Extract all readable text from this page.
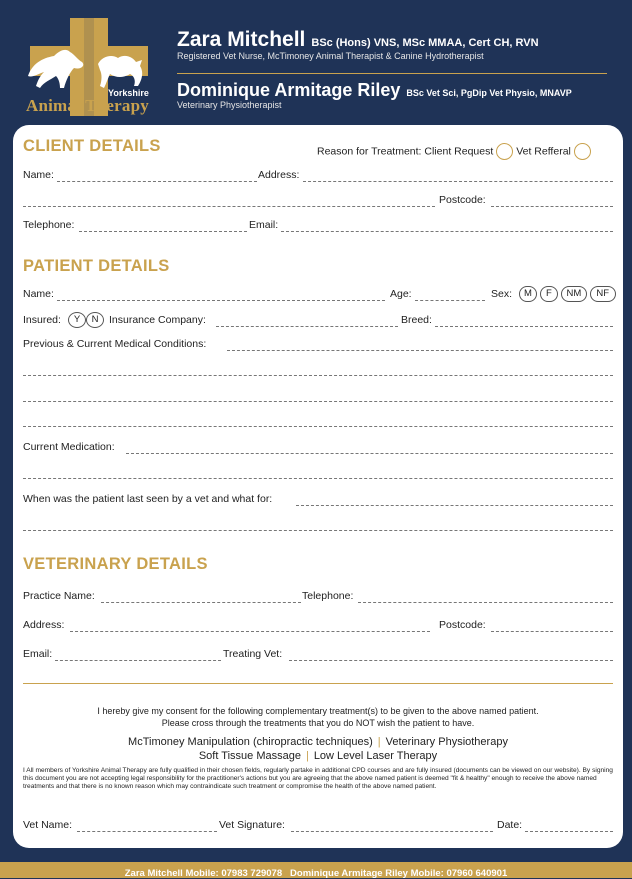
Yorkshire
Animal Therapy
Zara Mitchell BSc (Hons) VNS, MSc MMAA, Cert CH, RVN
Registered Vet Nurse, McTimoney Animal Therapist & Canine Hydrotherapist
Dominique Armitage Riley BSc Vet Sci, PgDip Vet Physio, MNAVP
Veterinary Physiotherapist
CLIENT DETAILS	Reason for Treatment: Client Request Vet Refferal
Name:	Address:
Postcode:
Telephone:	Email:
PATIENT DETAILS
Name:	Age:	Sex:	M F NM NF
Insured:	Y N	Insurance Company:	Breed:
Previous & Current Medical Conditions:
Current Medication:
When was the patient last seen by a vet and what for:
VETERINARY DETAILS
Practice Name:	Telephone:
Address:	Postcode:
Email:	Treating Vet:
I hereby give my consent for the following complementary treatment(s) to be given to the above named patient.
Please cross through the treatments that you do NOT wish the patient to have.
McTimoney Manipulation (chiropractic techniques) | Veterinary Physiotherapy
Soft Tissue Massage | Low Level Laser Therapy
I All members of Yorkshire Animal Therapy are fully qualified in their chosen fields, regularly partake in additional CPD courses and are fully insured (documents can be viewed on our website). By signing this document you are not accepting legal responsibility for the practitioner's actions but you are agreeing that the above named patient is deemed "fit & healthy" enough to receive the above named treatments and that there is no known reason which may contraindicate such treatment or compromise the health of the above named patient.
Vet Name:	Vet Signature:	Date:
Zara Mitchell Mobile: 07983 729078 Dominique Armitage Riley Mobile: 07960 640901
